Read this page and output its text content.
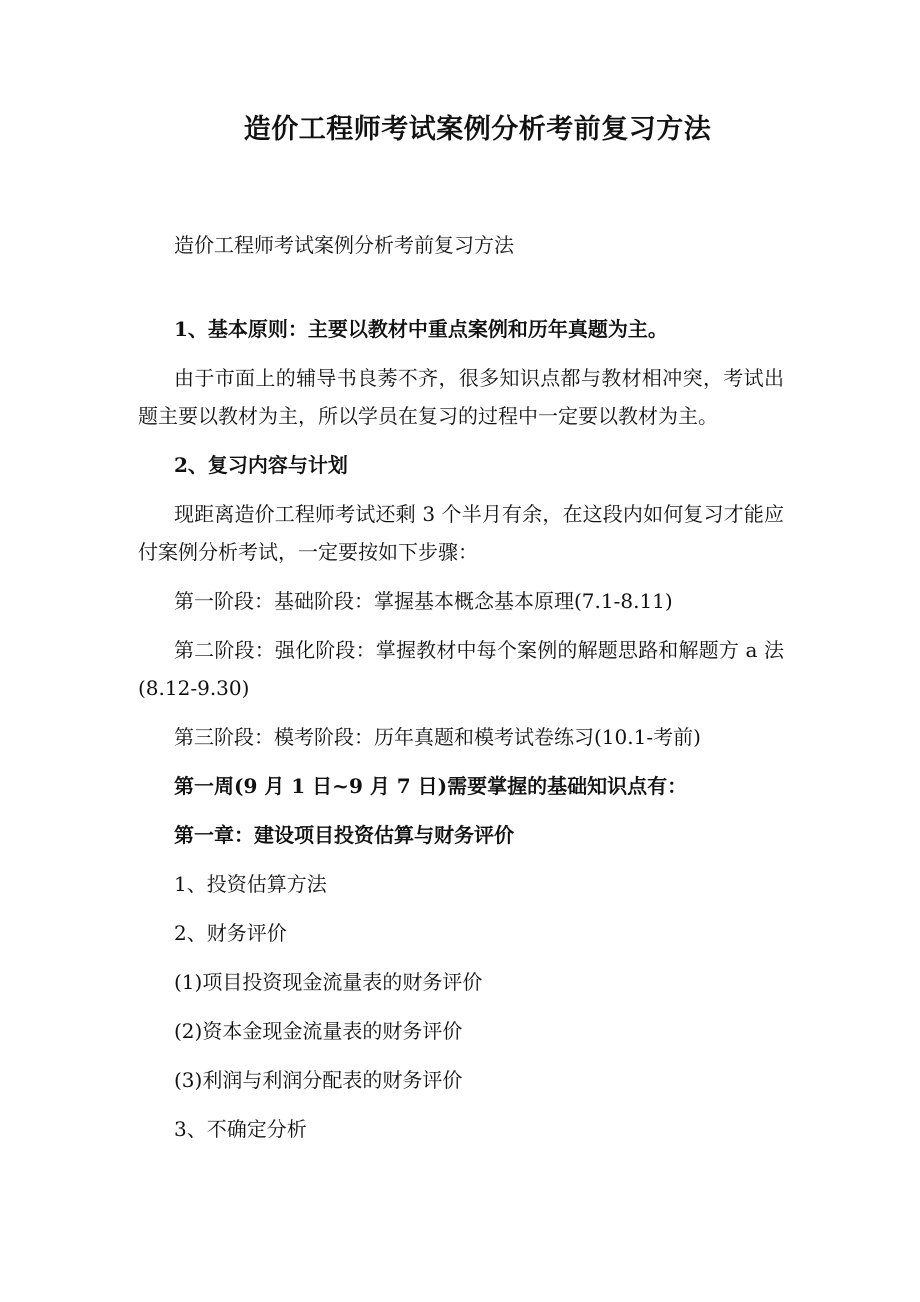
造价工程师考试案例分析考前复习方法

造价工程师考试案例分析考前复习方法

1、基本原则：主要以教材中重点案例和历年真题为主。

由于市面上的辅导书良莠不齐，很多知识点都与教材相冲突，考试出题主要以教材为主，所以学员在复习的过程中一定要以教材为主。

2、复习内容与计划

现距离造价工程师考试还剩 3 个半月有余，在这段内如何复习才能应付案例分析考试，一定要按如下步骤：

第一阶段：基础阶段：掌握基本概念基本原理(7.1-8.11)

第二阶段：强化阶段：掌握教材中每个案例的解题思路和解题方 a 法(8.12-9.30)

第三阶段：模考阶段：历年真题和模考试卷练习(10.1-考前)

第一周(9 月 1 日~9 月 7 日)需要掌握的基础知识点有：

第一章：建设项目投资估算与财务评价

1、投资估算方法

2、财务评价

(1)项目投资现金流量表的财务评价

(2)资本金现金流量表的财务评价

(3)利润与利润分配表的财务评价

3、不确定分析
